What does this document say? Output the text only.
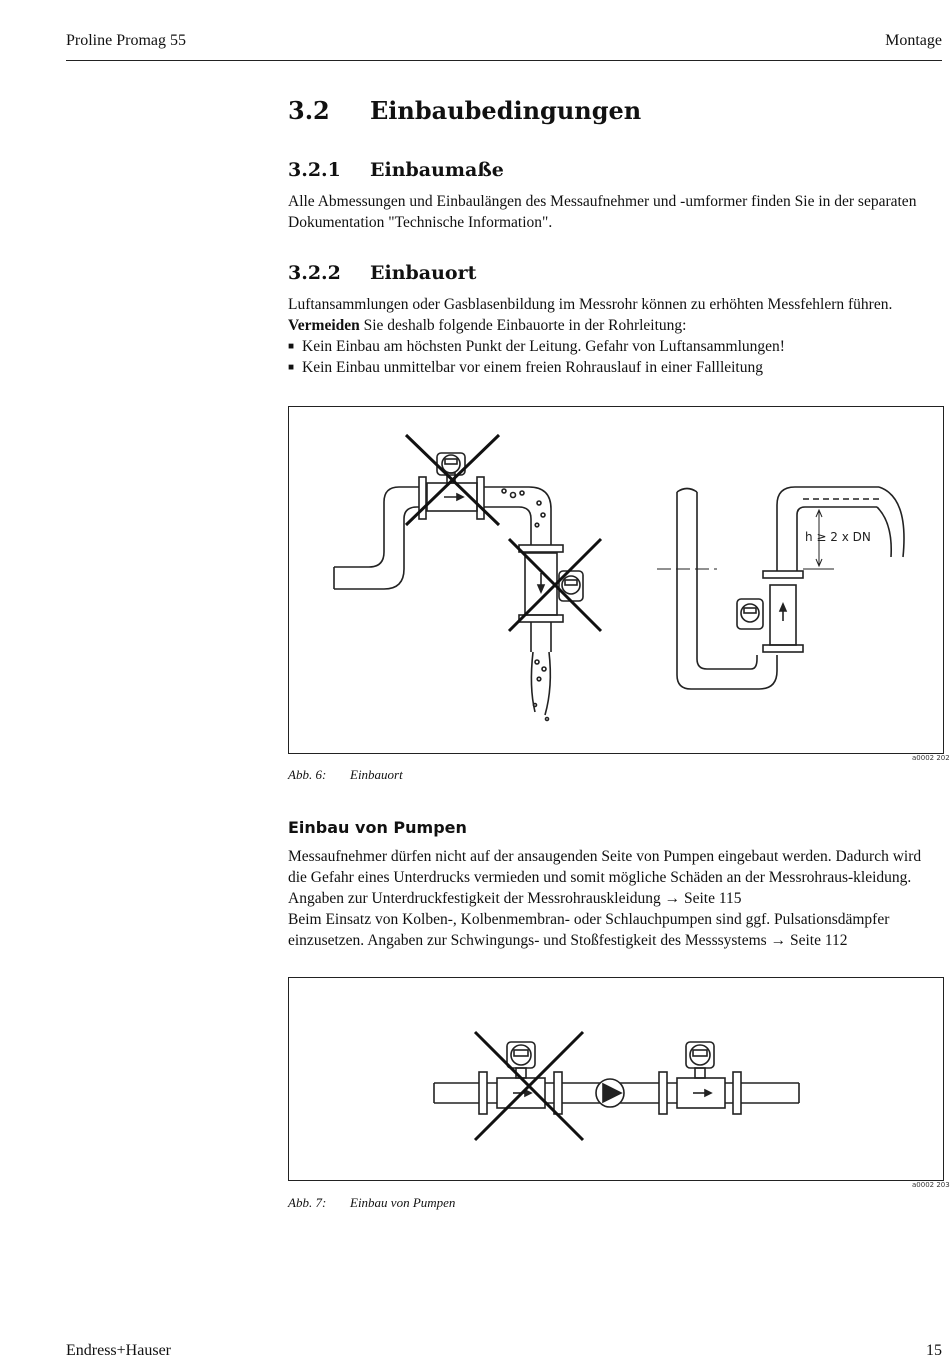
Proline Promag 55	Montage
3.2 Einbaubedingungen
3.2.1 Einbaumaße
Alle Abmessungen und Einbaulängen des Messaufnehmer und -umformer finden Sie in der separaten Dokumentation "Technische Information".
3.2.2 Einbauort
Luftansammlungen oder Gasblasenbildung im Messrohr können zu erhöhten Messfehlern führen.
Vermeiden Sie deshalb folgende Einbauorte in der Rohrleitung:
■ Kein Einbau am höchsten Punkt der Leitung. Gefahr von Luftansammlungen!
■ Kein Einbau unmittelbar vor einem freien Rohrauslauf in einer Fallleitung
h ≥ 2 x DN
a0002 202
Abb. 6: Einbauort
Einbau von Pumpen
Messaufnehmer dürfen nicht auf der ansaugenden Seite von Pumpen eingebaut werden. Dadurch wird die Gefahr eines Unterdrucks vermieden und somit mögliche Schäden an der Messrohraus-kleidung. Angaben zur Unterdruckfestigkeit der Messrohrauskleidung → Seite 115
Beim Einsatz von Kolben-, Kolbenmembran- oder Schlauchpumpen sind ggf. Pulsationsdämpfer einzusetzen. Angaben zur Schwingungs- und Stoßfestigkeit des Messsystems → Seite 112
a0002 203
Abb. 7: Einbau von Pumpen
Endress+Hauser	15
